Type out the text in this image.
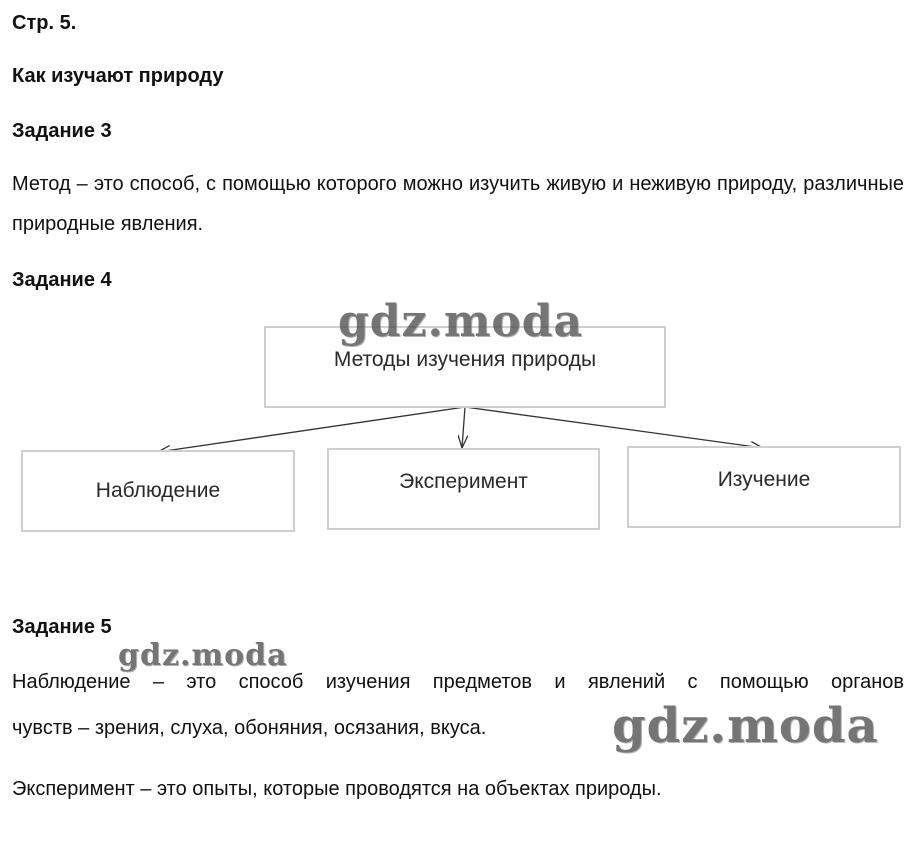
Стр. 5.
Как изучают природу
Задание 3
Метод – это способ, с помощью которого можно изучить живую и неживую природу, различные природные явления.
Задание 4
Методы изучения природы
Наблюдение	Эксперимент	Изучение
Задание 5
Наблюдение – это способ изучения предметов и явлений с помощью органов
чувств – зрения, слуха, обоняния, осязания, вкуса.
Эксперимент – это опыты, которые проводятся на объектах природы.
gdz.moda
gdz.moda
gdz.moda
